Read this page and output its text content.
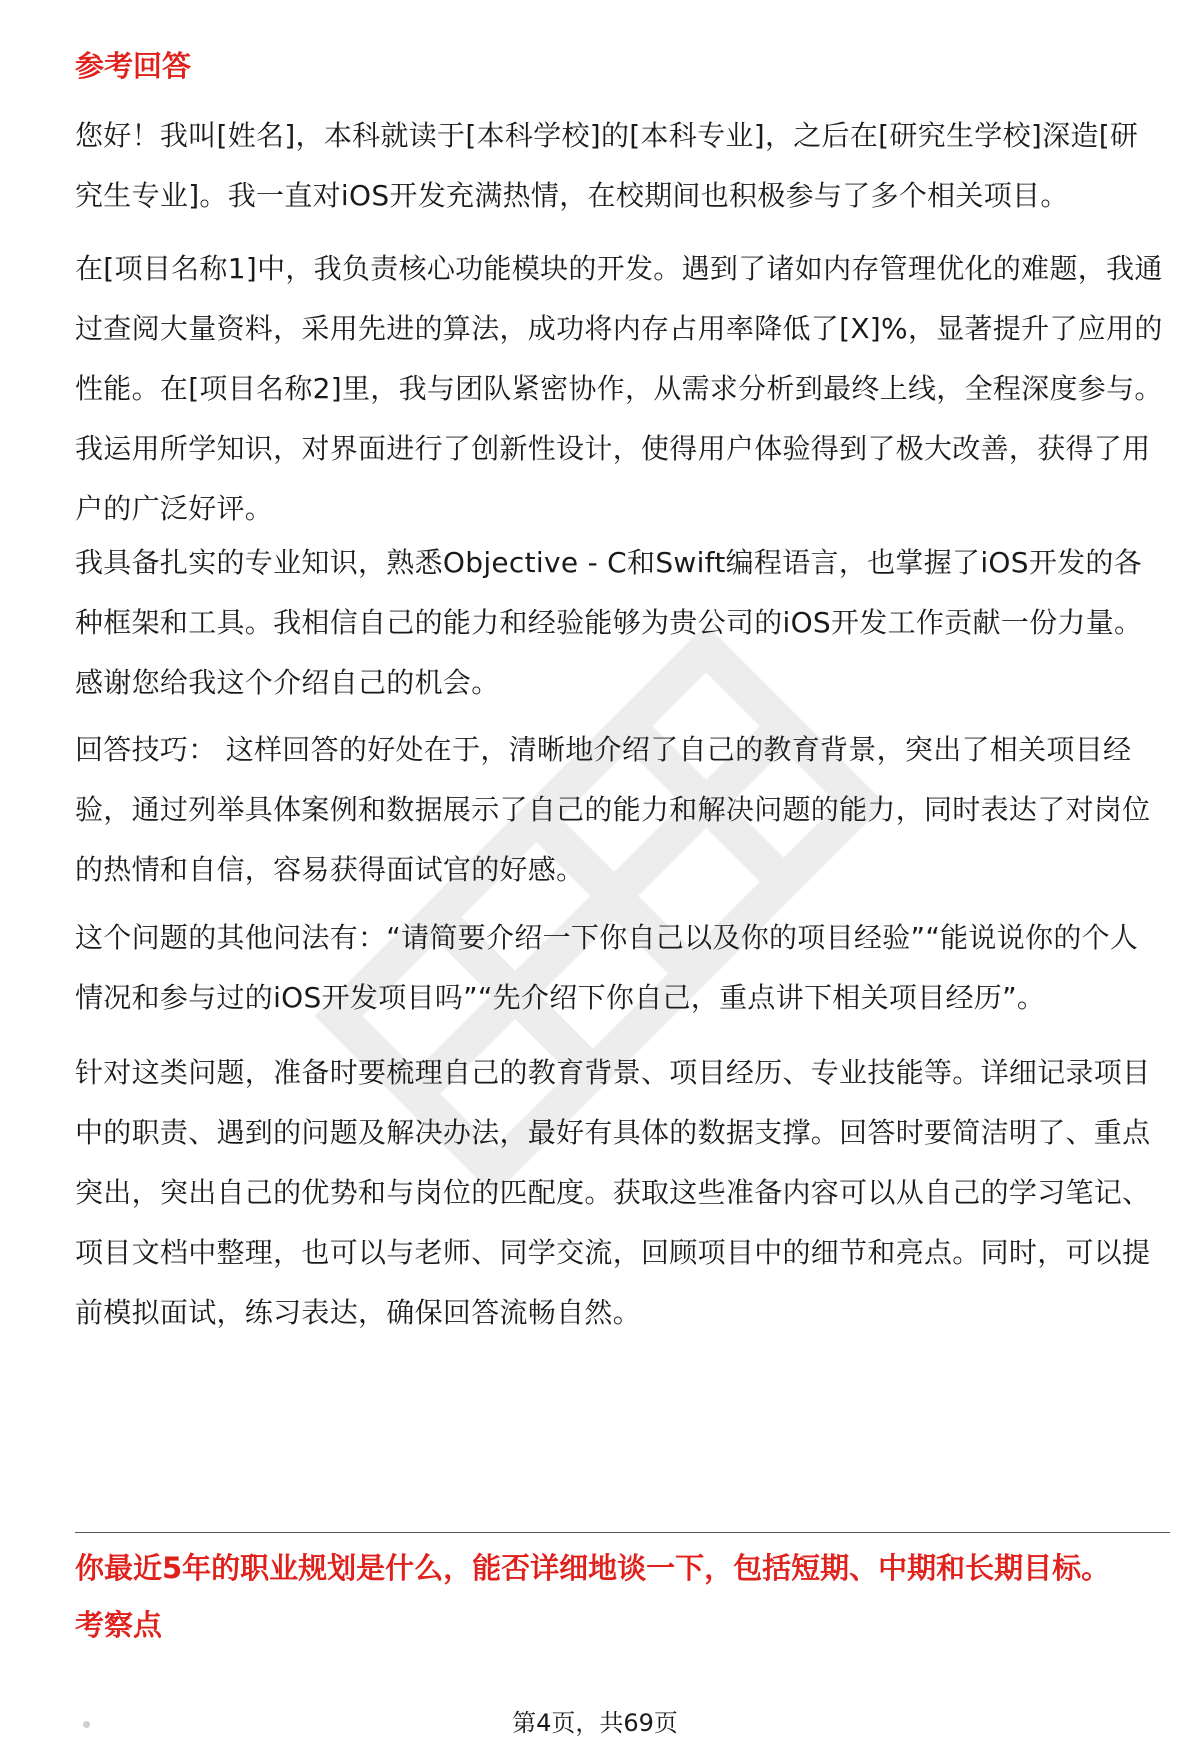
参考回答
您好！我叫[姓名]，本科就读于[本科学校]的[本科专业]，之后在[研究生学校]深造[研究生专业]。我一直对iOS开发充满热情，在校期间也积极参与了多个相关项目。
在[项目名称1]中，我负责核心功能模块的开发。遇到了诸如内存管理优化的难题，我通过查阅大量资料，采用先进的算法，成功将内存占用率降低了[X]%，显著提升了应用的性能。在[项目名称2]里，我与团队紧密协作，从需求分析到最终上线，全程深度参与。我运用所学知识，对界面进行了创新性设计，使得用户体验得到了极大改善，获得了用户的广泛好评。
我具备扎实的专业知识，熟悉Objective - C和Swift编程语言，也掌握了iOS开发的各种框架和工具。我相信自己的能力和经验能够为贵公司的iOS开发工作贡献一份力量。感谢您给我这个介绍自己的机会。
回答技巧： 这样回答的好处在于，清晰地介绍了自己的教育背景，突出了相关项目经验，通过列举具体案例和数据展示了自己的能力和解决问题的能力，同时表达了对岗位的热情和自信，容易获得面试官的好感。
这个问题的其他问法有：“请简要介绍一下你自己以及你的项目经验”“能说说你的个人情况和参与过的iOS开发项目吗”“先介绍下你自己，重点讲下相关项目经历”。
针对这类问题，准备时要梳理自己的教育背景、项目经历、专业技能等。详细记录项目中的职责、遇到的问题及解决办法，最好有具体的数据支撑。回答时要简洁明了、重点突出，突出自己的优势和与岗位的匹配度。获取这些准备内容可以从自己的学习笔记、项目文档中整理，也可以与老师、同学交流，回顾项目中的细节和亮点。同时，可以提前模拟面试，练习表达，确保回答流畅自然。
你最近5年的职业规划是什么，能否详细地谈一下，包括短期、中期和长期目标。
考察点
第4页，共69页
